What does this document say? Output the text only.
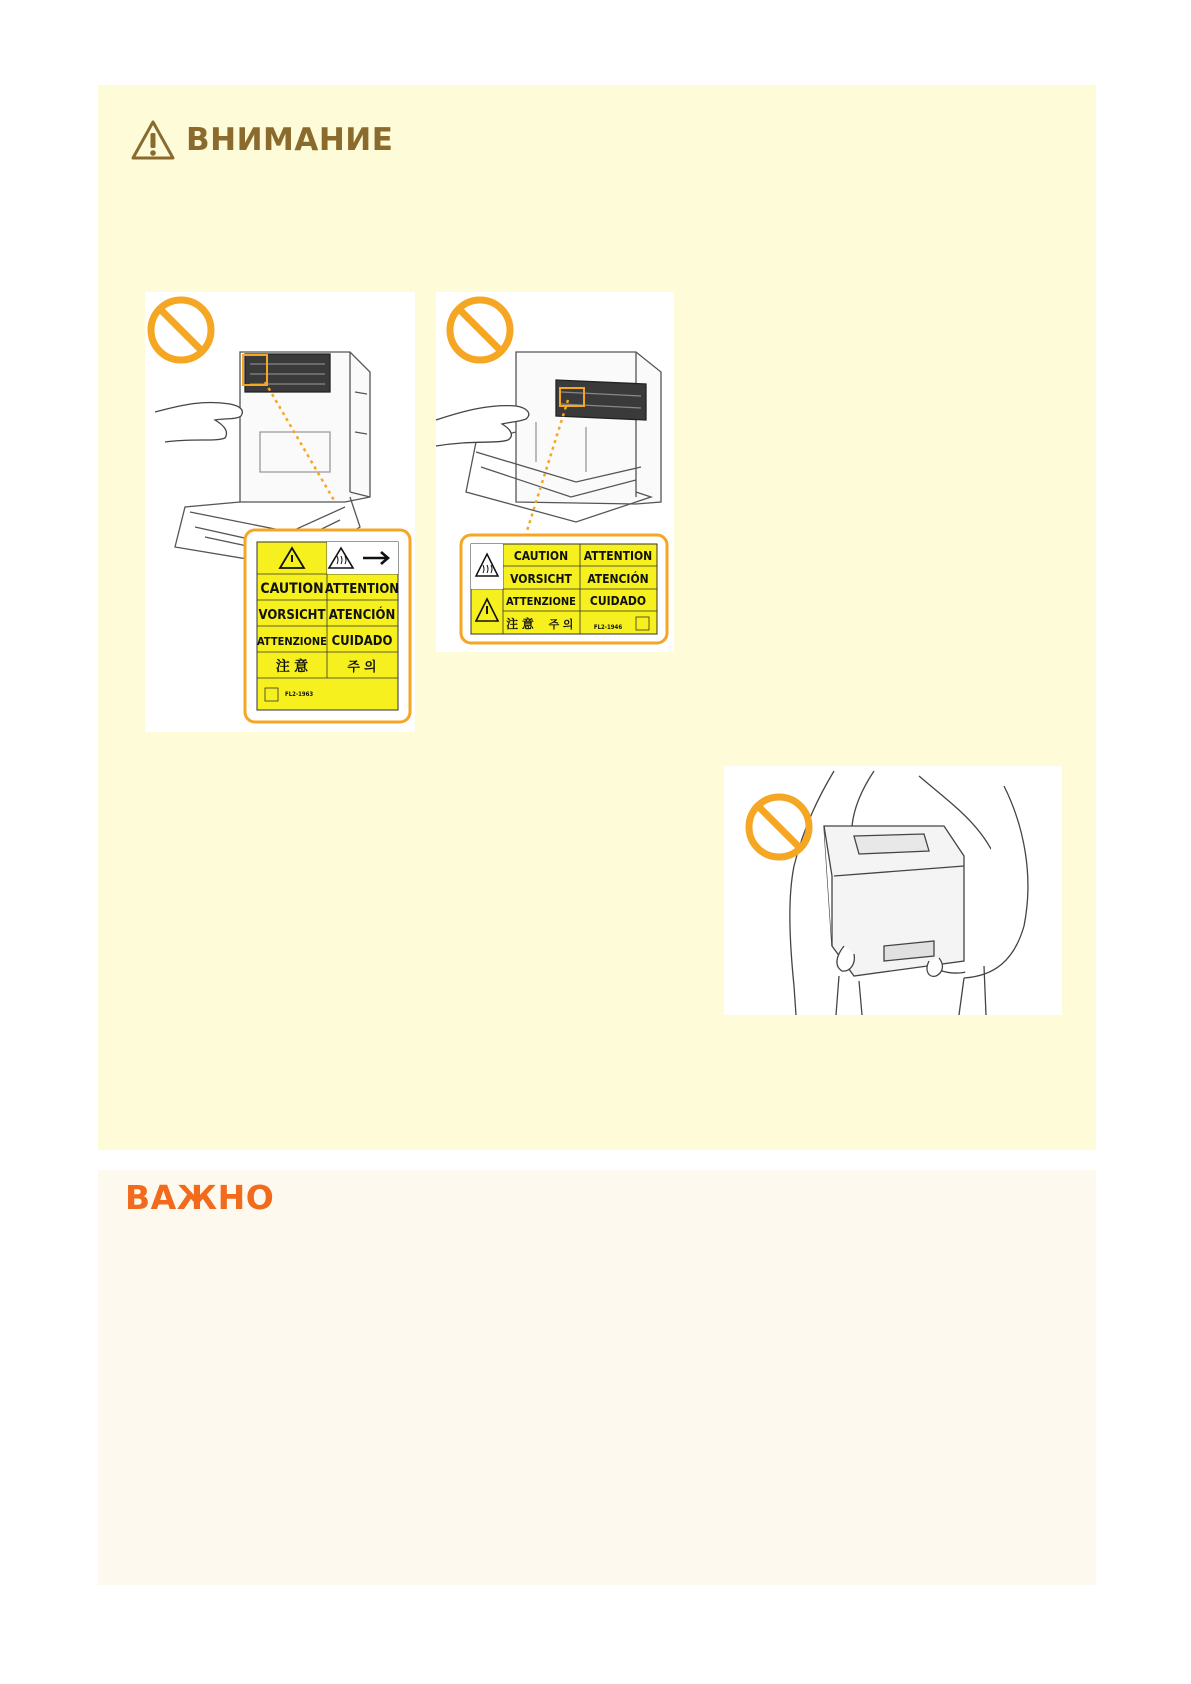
ВНИМАНИЕ
CAUTION ATTENTION
VORSICHT ATENCIÓN
ATTENZIONE CUIDADO
注 意	주 의
FL2-1963
CAUTION ATTENTION
VORSICHT ATENCIÓN
ATTENZIONE CUIDADO
注 意 주 의	FL2-1946
ВАЖНО
